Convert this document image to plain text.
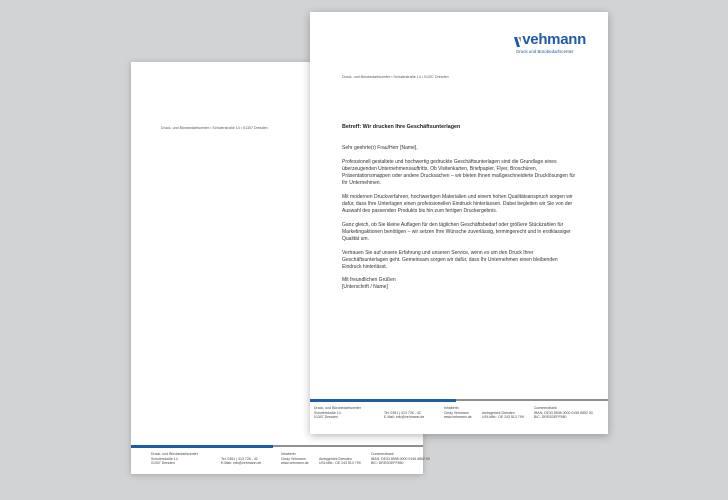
Druck- und Bürobedarfscenter • Schulerstraße 14 • 01307 Dresden
Druck- und Bürobedarfscenter
Schulerstraße 14
01307 Dresden

Tel: 0351 | 413 726 - 42
E-Mail: info@vehmann.de
Inhaberin
Cindy Vehmann
www.vehmann.de

Amtsgericht Dresden
USt-IdNr.: DE 243 513 799
Commerzbank
IBAN: DE33 8508 0000 0196 6852 00
BIC: DRESDEFF850
vehmann
Druck und Bürobedarfscenter
Druck- und Bürobedarfscenter • Schulerstraße 14 • 01307 Dresden
Betreff: Wir drucken Ihre Geschäftsunterlagen

Sehr geehrte(r) Frau/Herr [Name],

Professionell gestaltete und hochwertig gedruckte Geschäftsunterlagen sind die Grundlage eines überzeugenden Unternehmensauftritts. Ob Visitenkarten, Briefpapier, Flyer, Broschüren, Präsentationsmappen oder andere Drucksachen – wir bieten Ihnen maßgeschneiderte Drucklösungen für Ihr Unternehmen.

Mit modernen Druckverfahren, hochwertigen Materialien und einem hohen Qualitätsanspruch sorgen wir dafür, dass Ihre Unterlagen einen professionellen Eindruck hinterlassen. Dabei begleiten wir Sie von der Auswahl des passenden Produkts bis hin zum fertigen Druckergebnis.

Ganz gleich, ob Sie kleine Auflagen für den täglichen Geschäftsbedarf oder größere Stückzahlen für Marketingaktionen benötigen – wir setzen Ihre Wünsche zuverlässig, termingerecht und in erstklassiger Qualität um.

Vertrauen Sie auf unsere Erfahrung und unseren Service, wenn es um den Druck Ihrer Geschäftsunterlagen geht. Gemeinsam sorgen wir dafür, dass Ihr Unternehmen einen bleibenden Eindruck hinterlässt.

Mit freundlichen Grüßen
[Unterschrift / Name]
Druck- und Bürobedarfscenter
Schulerstraße 14
01307 Dresden

Tel: 0351 | 413 726 - 42
E-Mail: info@vehmann.de
Inhaberin
Cindy Vehmann
www.vehmann.de

Amtsgericht Dresden
USt-IdNr.: DE 243 513 799
Commerzbank
IBAN: DE33 8508 0000 0196 6852 00
BIC: DRESDEFF850
